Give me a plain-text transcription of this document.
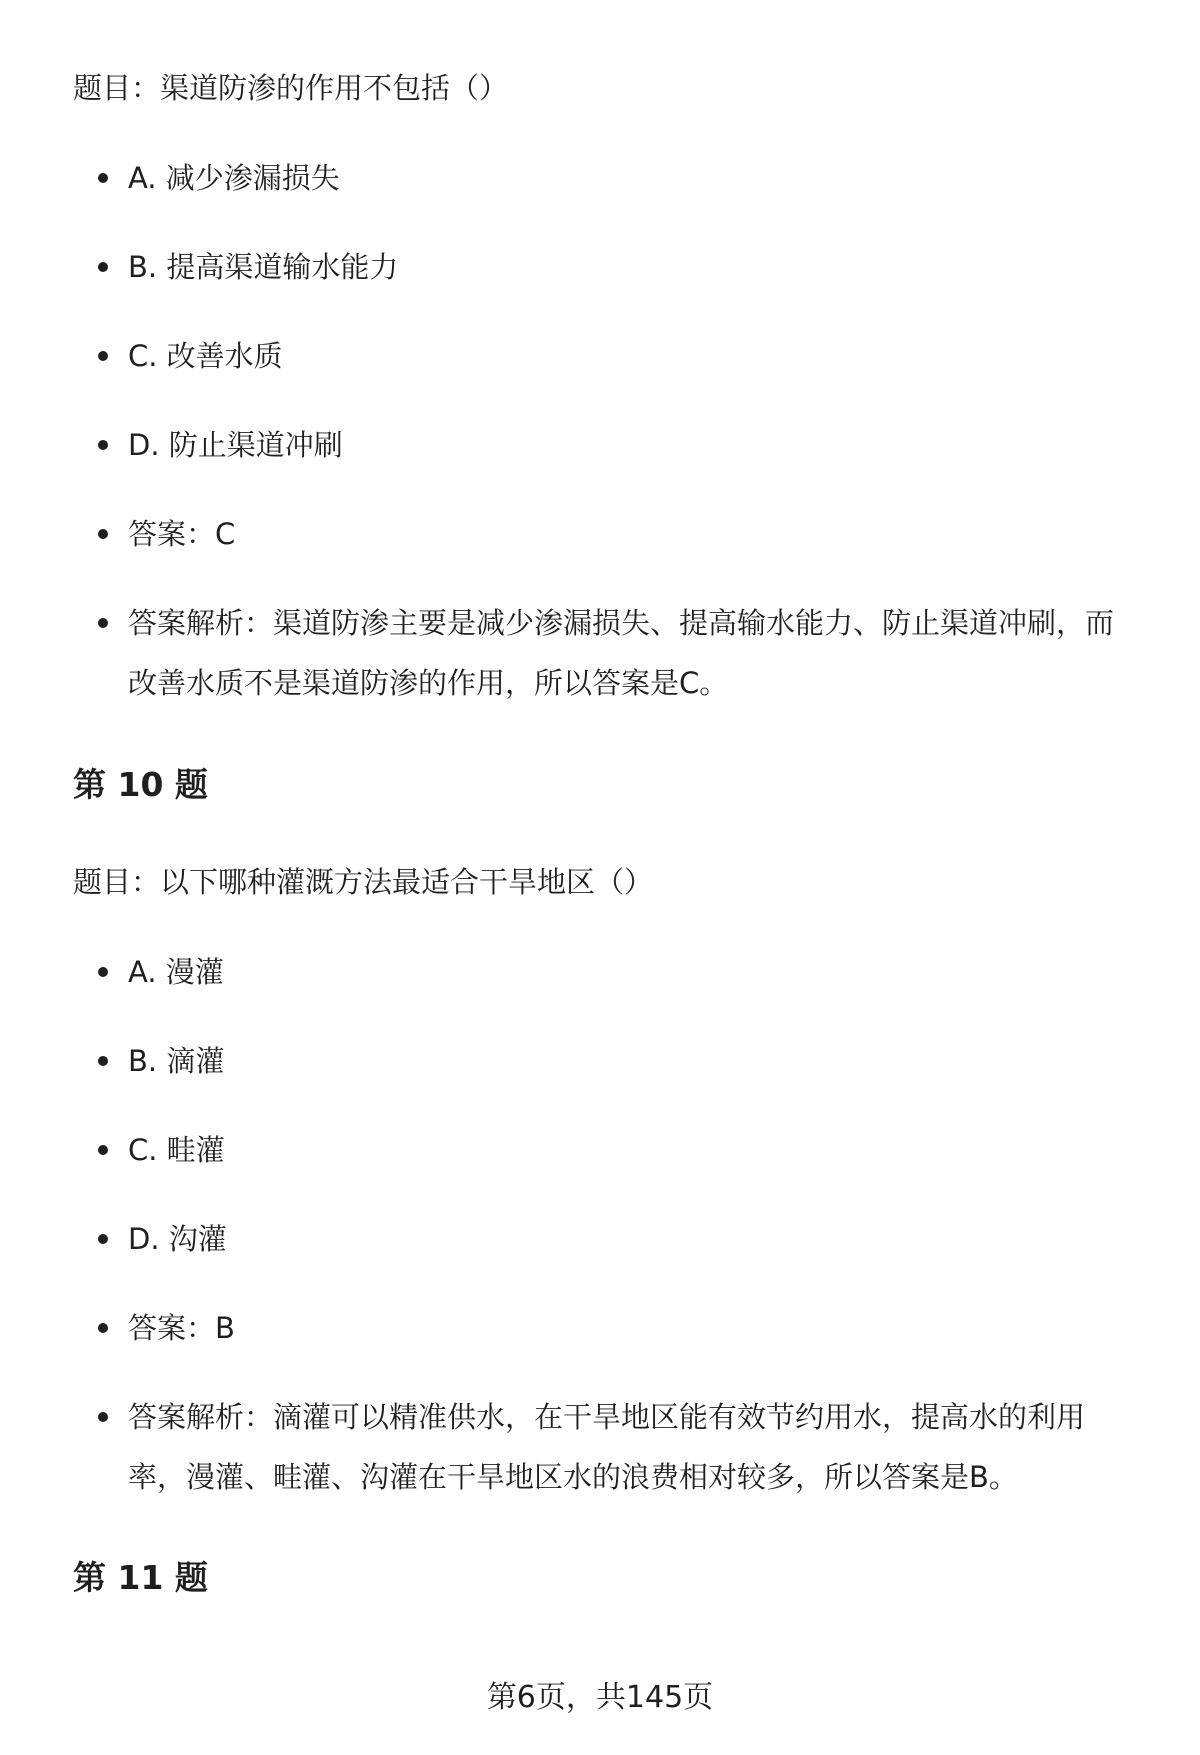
题目：渠道防渗的作用不包括（）

A. 减少渗漏损失
B. 提高渠道输水能力
C. 改善水质
D. 防止渠道冲刷
答案：C
答案解析：渠道防渗主要是减少渗漏损失、提高输水能力、防止渠道冲刷，而改善水质不是渠道防渗的作用，所以答案是C。
第 10 题

题目：以下哪种灌溉方法最适合干旱地区（）

A. 漫灌
B. 滴灌
C. 畦灌
D. 沟灌
答案：B
答案解析：滴灌可以精准供水，在干旱地区能有效节约用水，提高水的利用率，漫灌、畦灌、沟灌在干旱地区水的浪费相对较多，所以答案是B。
第 11 题
第6页，共145页
